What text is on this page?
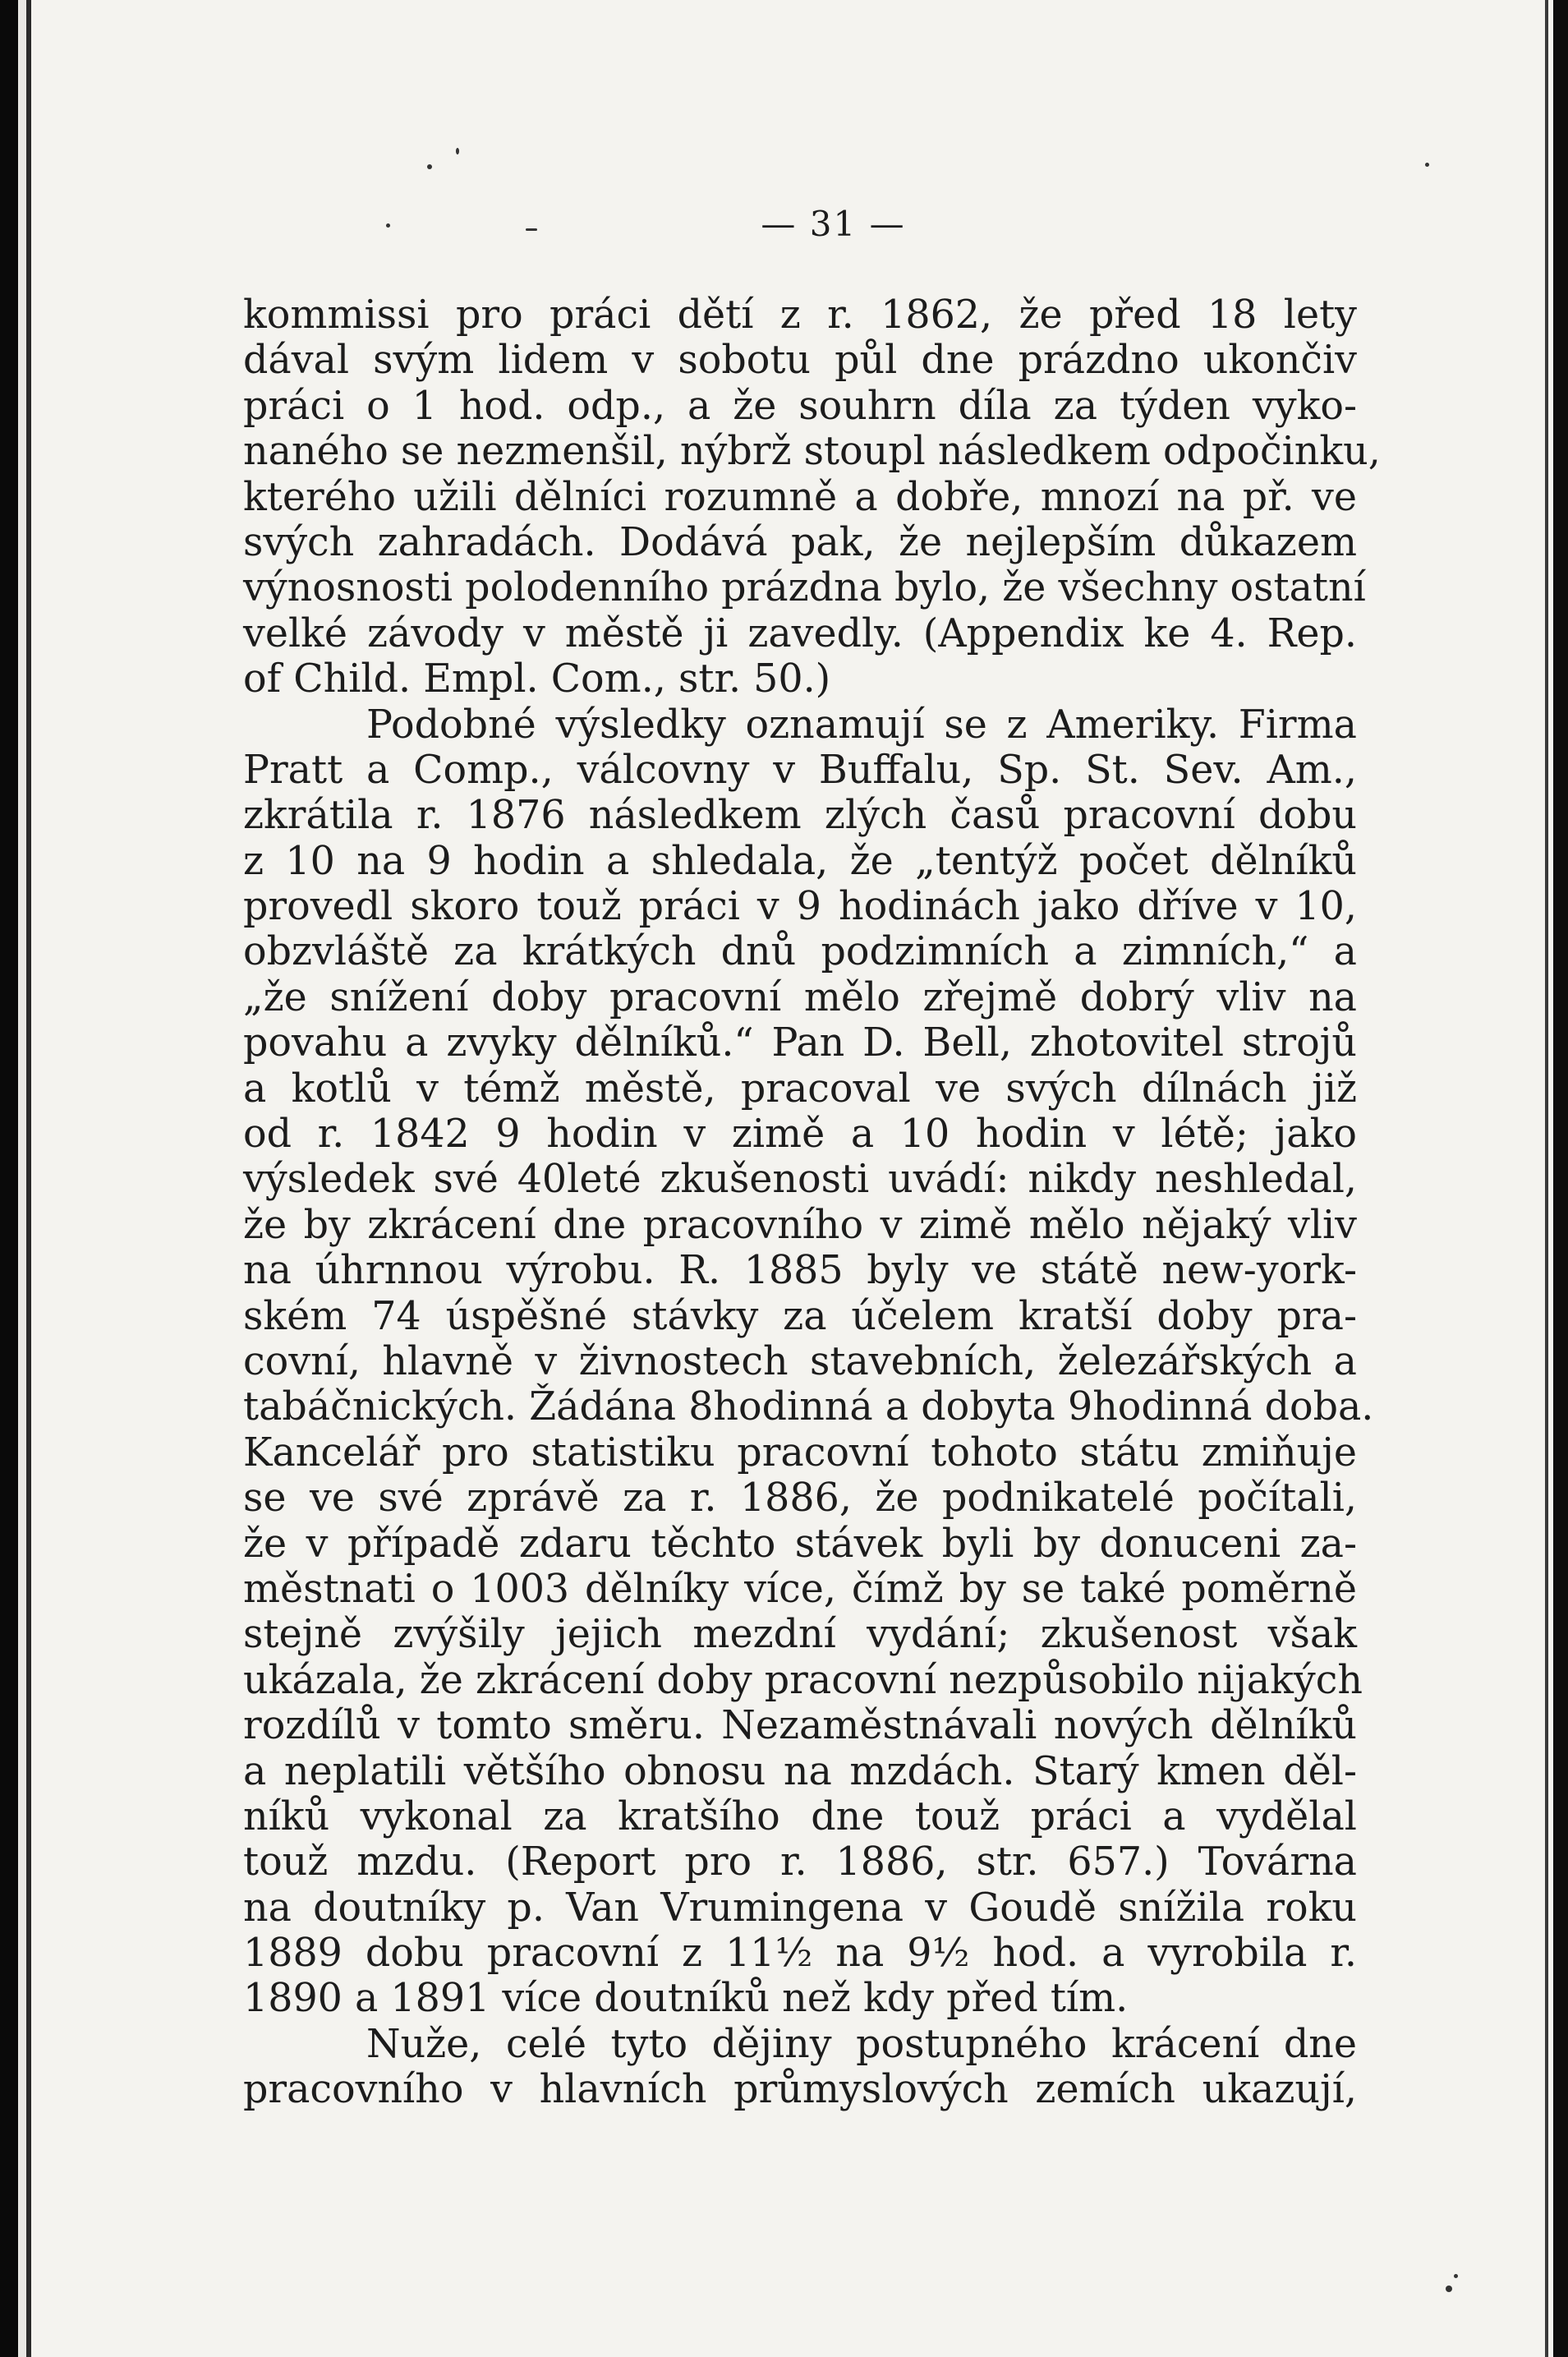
— 31 —
kommissi pro práci dětí z r. 1862, že před 18 lety
dával svým lidem v sobotu půl dne prázdno ukončiv
práci o 1 hod. odp., a že souhrn díla za týden vyko-
naného se nezmenšil, nýbrž stoupl následkem odpočinku,
kterého užili dělníci rozumně a dobře, mnozí na př. ve
svých zahradách. Dodává pak, že nejlepším důkazem
výnosnosti polodenního prázdna bylo, že všechny ostatní
velké závody v městě ji zavedly. (Appendix ke 4. Rep.
of Child. Empl. Com., str. 50.)
Podobné výsledky oznamují se z Ameriky. Firma
Pratt a Comp., válcovny v Buffalu, Sp. St. Sev. Am.,
zkrátila r. 1876 následkem zlých časů pracovní dobu
z 10 na 9 hodin a shledala, že „tentýž počet dělníků
provedl skoro touž práci v 9 hodinách jako dříve v 10,
obzvláště za krátkých dnů podzimních a zimních,“ a
„že snížení doby pracovní mělo zřejmě dobrý vliv na
povahu a zvyky dělníků.“ Pan D. Bell, zhotovitel strojů
a kotlů v témž městě, pracoval ve svých dílnách již
od r. 1842 9 hodin v zimě a 10 hodin v létě; jako
výsledek své 40leté zkušenosti uvádí: nikdy neshledal,
že by zkrácení dne pracovního v zimě mělo nějaký vliv
na úhrnnou výrobu. R. 1885 byly ve státě new-york-
ském 74 úspěšné stávky za účelem kratší doby pra-
covní, hlavně v živnostech stavebních, železářských a
tabáčnických. Žádána 8hodinná a dobyta 9hodinná doba.
Kancelář pro statistiku pracovní tohoto státu zmiňuje
se ve své zprávě za r. 1886, že podnikatelé počítali,
že v případě zdaru těchto stávek byli by donuceni za-
městnati o 1003 dělníky více, čímž by se také poměrně
stejně zvýšily jejich mezdní vydání; zkušenost však
ukázala, že zkrácení doby pracovní nezpůsobilo nijakých
rozdílů v tomto směru. Nezaměstnávali nových dělníků
a neplatili většího obnosu na mzdách. Starý kmen děl-
níků vykonal za kratšího dne touž práci a vydělal
touž mzdu. (Report pro r. 1886, str. 657.) Továrna
na doutníky p. Van Vrumingena v Goudě snížila roku
1889 dobu pracovní z 11½ na 9½ hod. a vyrobila r.
1890 a 1891 více doutníků než kdy před tím.
Nuže, celé tyto dějiny postupného krácení dne
pracovního v hlavních průmyslových zemích ukazují,
